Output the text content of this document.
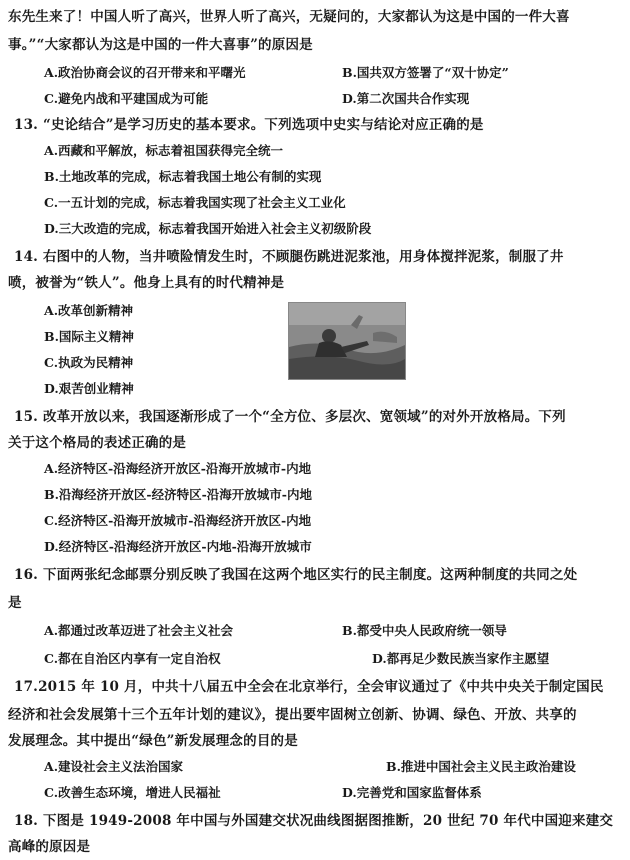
东先生来了！中国人听了高兴，世界人听了高兴，无疑问的，大家都认为这是中国的一件大喜
事。”“大家都认为这是中国的一件大喜事”的原因是
A.政治协商会议的召开带来和平曙光	B.国共双方签署了“双十协定”
C.避免内战和平建国成为可能	D.第二次国共合作实现
13. “史论结合”是学习历史的基本要求。下列选项中史实与结论对应正确的是
A.西藏和平解放，标志着祖国获得完全统一
B.土地改革的完成，标志着我国土地公有制的实现
C.一五计划的完成，标志着我国实现了社会主义工业化
D.三大改造的完成，标志着我国开始进入社会主义初级阶段
14. 右图中的人物，当井喷险情发生时，不顾腿伤跳进泥浆池，用身体搅拌泥浆，制服了井
喷，被誉为“铁人”。他身上具有的时代精神是
A.改革创新精神
B.国际主义精神
C.执政为民精神
D.艰苦创业精神
15. 改革开放以来，我国逐渐形成了一个“全方位、多层次、宽领域”的对外开放格局。下列
关于这个格局的表述正确的是
A.经济特区-沿海经济开放区-沿海开放城市-内地
B.沿海经济开放区-经济特区-沿海开放城市-内地
C.经济特区-沿海开放城市-沿海经济开放区-内地
D.经济特区-沿海经济开放区-内地-沿海开放城市
16. 下面两张纪念邮票分别反映了我国在这两个地区实行的民主制度。这两种制度的共同之处
是
A.都通过改革迈进了社会主义社会	B.都受中央人民政府统一领导
C.都在自治区内享有一定自治权	D.都再足少数民族当家作主愿望
17.2015 年 10 月，中共十八届五中全会在北京举行，全会审议通过了《中共中央关于制定国民
经济和社会发展第十三个五年计划的建议》，提出要牢固树立创新、协调、绿色、开放、共享的
发展理念。其中提出“绿色”新发展理念的目的是
A.建设社会主义法治国家	B.推进中国社会主义民主政治建设
C.改善生态环境，增进人民福祉	D.完善党和国家监督体系
18. 下图是 1949-2008 年中国与外国建交状况曲线图据图推断，20 世纪 70 年代中国迎来建交
高峰的原因是
